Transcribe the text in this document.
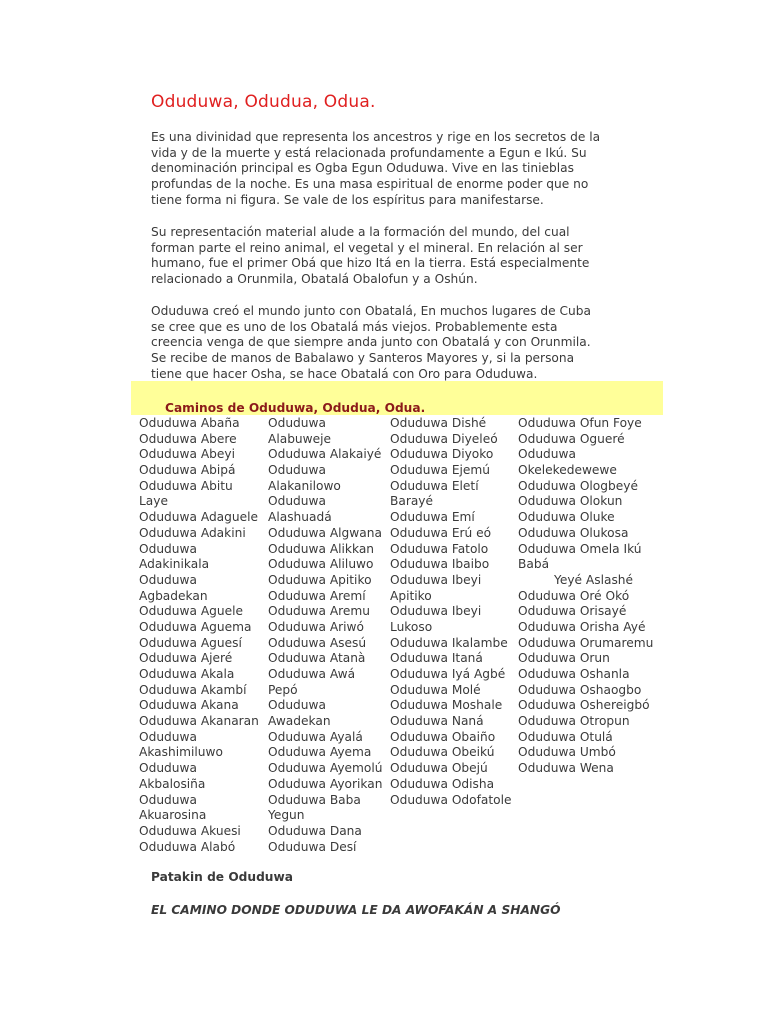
Oduduwa, Odudua, Odua.
Es una divinidad que representa los ancestros y rige en los secretos de la
vida y de la muerte y está relacionada profundamente a Egun e Ikú. Su
denominación principal es Ogba Egun Oduduwa. Vive en las tinieblas
profundas de la noche. Es una masa espiritual de enorme poder que no
tiene forma ni figura. Se vale de los espíritus para manifestarse.
Su representación material alude a la formación del mundo, del cual
forman parte el reino animal, el vegetal y el mineral. En relación al ser
humano, fue el primer Obá que hizo Itá en la tierra. Está especialmente
relacionado a Orunmila, Obatalá Obalofun y a Oshún.
Oduduwa creó el mundo junto con Obatalá, En muchos lugares de Cuba
se cree que es uno de los Obatalá más viejos. Probablemente esta
creencia venga de que siempre anda junto con Obatalá y con Orunmila.
Se recibe de manos de Babalawo y Santeros Mayores y, si la persona
tiene que hacer Osha, se hace Obatalá con Oro para Oduduwa.
Caminos de Oduduwa, Odudua, Odua.
Oduduwa Abaña
Oduduwa Abere
Oduduwa Abeyi
Oduduwa Abipá
Oduduwa Abitu
Laye
Oduduwa Adaguele
Oduduwa Adakini
Oduduwa
Adakinikala
Oduduwa
Agbadekan
Oduduwa Aguele
Oduduwa Aguema
Oduduwa Aguesí
Oduduwa Ajeré
Oduduwa Akala
Oduduwa Akambí
Oduduwa Akana
Oduduwa Akanaran
Oduduwa
Akashimiluwo
Oduduwa
Akbalosiña
Oduduwa
Akuarosina
Oduduwa Akuesi
Oduduwa Alabó
Oduduwa
Alabuweje
Oduduwa Alakaiyé
Oduduwa
Alakanilowo
Oduduwa
Alashuadá
Oduduwa Algwana
Oduduwa Alikkan
Oduduwa Aliluwo
Oduduwa Apitiko
Oduduwa Aremí
Oduduwa Aremu
Oduduwa Ariwó
Oduduwa Asesú
Oduduwa Atanà
Oduduwa Awá
Pepó
Oduduwa
Awadekan
Oduduwa Ayalá
Oduduwa Ayema
Oduduwa Ayemolú
Oduduwa Ayorikan
Oduduwa Baba
Yegun
Oduduwa Dana
Oduduwa Desí
Oduduwa Dishé
Oduduwa Diyeleó
Oduduwa Diyoko
Oduduwa Ejemú
Oduduwa Eletí
Barayé
Oduduwa Emí
Oduduwa Erú eó
Oduduwa Fatolo
Oduduwa Ibaibo
Oduduwa Ibeyi
Apitiko
Oduduwa Ibeyi
Lukoso
Oduduwa Ikalambe
Oduduwa Itaná
Oduduwa Iyá Agbé
Oduduwa Molé
Oduduwa Moshale
Oduduwa Naná
Oduduwa Obaiño
Oduduwa Obeikú
Oduduwa Obejú
Oduduwa Odisha
Oduduwa Odofatole
Oduduwa Ofun Foye
Oduduwa Ogueré
Oduduwa
Okelekedewewe
Oduduwa Ologbeyé
Oduduwa Olokun
Oduduwa Oluke
Oduduwa Olukosa
Oduduwa Omela Ikú
Babá
Yeyé Aslashé
Oduduwa Oré Okó
Oduduwa Orisayé
Oduduwa Orisha Ayé
Oduduwa Orumaremu
Oduduwa Orun
Oduduwa Oshanla
Oduduwa Oshaogbo
Oduduwa Oshereigbó
Oduduwa Otropun
Oduduwa Otulá
Oduduwa Umbó
Oduduwa Wena
Patakin de Oduduwa
EL CAMINO DONDE ODUDUWA LE DA AWOFAKÁN A SHANGÓ
